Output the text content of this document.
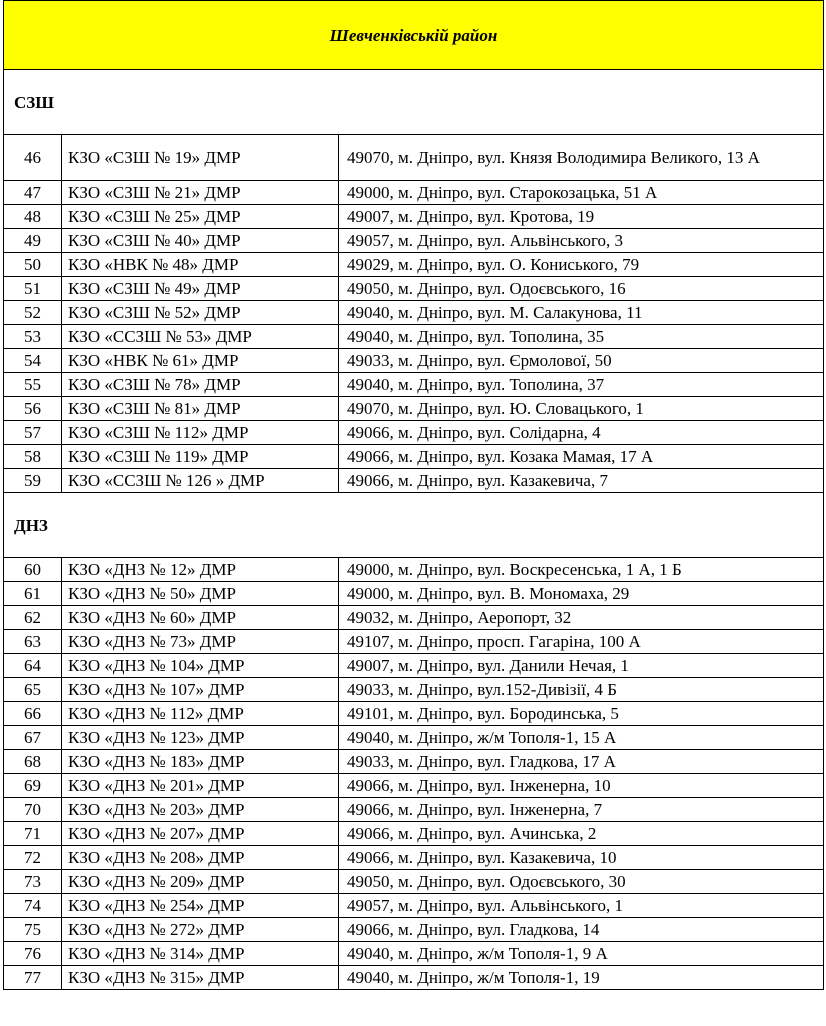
Шевченківській район		
СЗШ		
46	КЗО «СЗШ № 19» ДМР	49070, м. Дніпро, вул. Князя Володимира Великого, 13 А
47	КЗО «СЗШ № 21» ДМР	49000, м. Дніпро, вул. Старокозацька, 51 А
48	КЗО «СЗШ № 25» ДМР	49007, м. Дніпро, вул. Кротова, 19
49	КЗО «СЗШ № 40» ДМР	49057, м. Дніпро, вул. Альвінського, 3
50	КЗО «НВК № 48» ДМР	49029, м. Дніпро, вул. О. Кониського, 79
51	КЗО «СЗШ № 49» ДМР	49050, м. Дніпро, вул. Одоєвського, 16
52	КЗО «СЗШ № 52» ДМР	49040, м. Дніпро, вул. М. Салакунова, 11
53	КЗО «ССЗШ № 53» ДМР	49040, м. Дніпро, вул. Тополина, 35
54	КЗО «НВК № 61» ДМР	49033, м. Дніпро, вул. Єрмолової, 50
55	КЗО «СЗШ № 78» ДМР	49040, м. Дніпро, вул. Тополина, 37
56	КЗО «СЗШ № 81» ДМР	49070, м. Дніпро, вул. Ю. Словацького, 1
57	КЗО «СЗШ № 112» ДМР	49066, м. Дніпро, вул. Солідарна, 4
58	КЗО «СЗШ № 119» ДМР	49066, м. Дніпро, вул. Козака Мамая, 17 А
59	КЗО «ССЗШ № 126 » ДМР	49066, м. Дніпро, вул. Казакевича, 7
ДНЗ		
60	КЗО «ДНЗ № 12» ДМР	49000, м. Дніпро, вул. Воскресенська, 1 А, 1 Б
61	КЗО «ДНЗ № 50» ДМР	49000, м. Дніпро, вул. В. Мономаха, 29
62	КЗО «ДНЗ № 60» ДМР	49032, м. Дніпро, Аеропорт, 32
63	КЗО «ДНЗ № 73» ДМР	49107, м. Дніпро, просп. Гагаріна, 100 А
64	КЗО «ДНЗ № 104» ДМР	49007, м. Дніпро, вул. Данили Нечая, 1
65	КЗО «ДНЗ № 107» ДМР	49033, м. Дніпро, вул.152-Дивізії, 4 Б
66	КЗО «ДНЗ № 112» ДМР	49101, м. Дніпро, вул. Бородинська, 5
67	КЗО «ДНЗ № 123» ДМР	49040, м. Дніпро, ж/м Тополя-1, 15 А
68	КЗО «ДНЗ № 183» ДМР	49033, м. Дніпро, вул. Гладкова, 17 А
69	КЗО «ДНЗ № 201» ДМР	49066, м. Дніпро, вул. Інженерна, 10
70	КЗО «ДНЗ № 203» ДМР	49066, м. Дніпро, вул. Інженерна, 7
71	КЗО «ДНЗ № 207» ДМР	49066, м. Дніпро, вул. Ачинська, 2
72	КЗО «ДНЗ № 208» ДМР	49066, м. Дніпро, вул. Казакевича, 10
73	КЗО «ДНЗ № 209» ДМР	49050, м. Дніпро, вул. Одоєвського, 30
74	КЗО «ДНЗ № 254» ДМР	49057, м. Дніпро, вул. Альвінського, 1
75	КЗО «ДНЗ № 272» ДМР	49066, м. Дніпро, вул. Гладкова, 14
76	КЗО «ДНЗ № 314» ДМР	49040, м. Дніпро, ж/м Тополя-1, 9 А
77	КЗО «ДНЗ № 315» ДМР	49040, м. Дніпро, ж/м Тополя-1, 19
